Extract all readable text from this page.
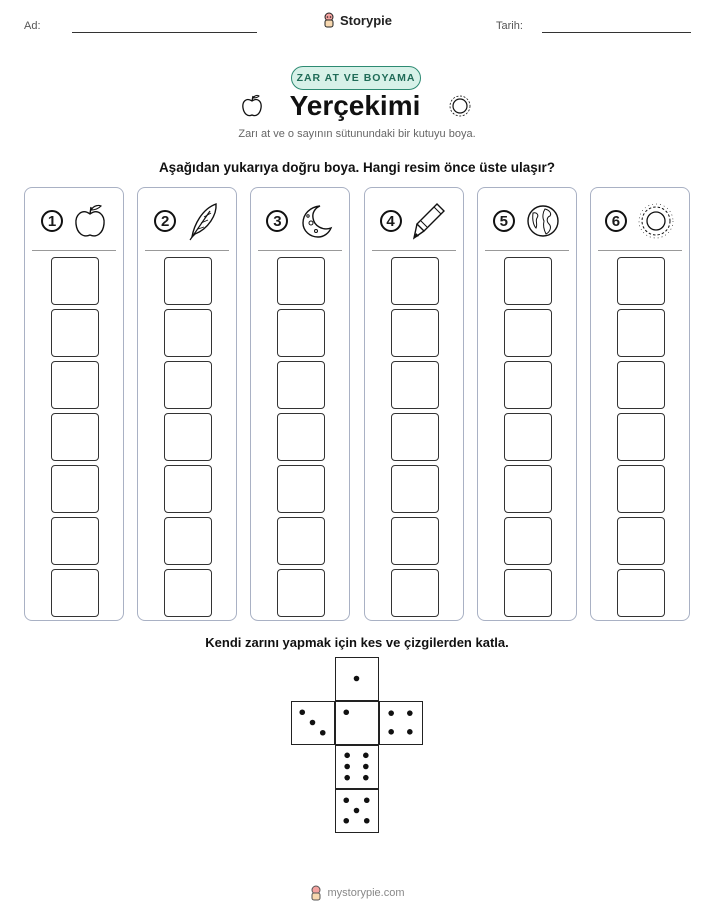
Ad:	Storypie	Tarih:
ZAR AT VE BOYAMA
Yerçekimi
Zarı at ve o sayının sütunundaki bir kutuyu boya.
Aşağıdan yukarıya doğru boya. Hangi resim önce üste ulaşır?
1	2	3	4	5	6
Kendi zarını yapmak için kes ve çizgilerden katla.
mystorypie.com
